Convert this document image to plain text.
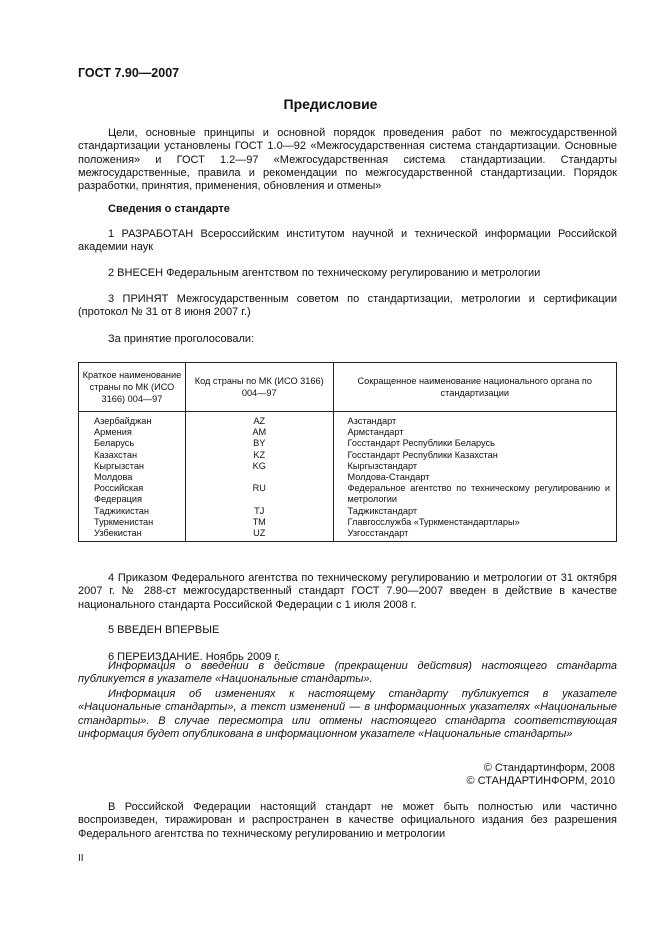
ГОСТ 7.90—2007
Предисловие
Цели, основные принципы и основной порядок проведения работ по межгосударственной стандартизации установлены ГОСТ 1.0—92 «Межгосударственная система стандартизации. Основные положения» и ГОСТ 1.2—97 «Межгосударственная система стандартизации. Стандарты межгосударственные, правила и рекомендации по межгосударственной стандартизации. Порядок разработки, принятия, применения, обновления и отмены»
Сведения о стандарте
1 РАЗРАБОТАН Всероссийским институтом научной и технической информации Российской академии наук
2 ВНЕСЕН Федеральным агентством по техническому регулированию и метрологии
3 ПРИНЯТ Межгосударственным советом по стандартизации, метрологии и сертификации (протокол № 31 от 8 июня 2007 г.)
За принятие проголосовали:
Краткое наименование страны по МК (ИСО 3166) 004—97	Код страны по МК (ИСО 3166) 004—97	Сокращенное наименование национального органа по стандартизации
Азербайджан	AZ	Азстандарт
Армения	AM	Армстандарт
Беларусь	BY	Госстандарт Республики Беларусь
Казахстан	KZ	Госстандарт Республики Казахстан
Кыргызстан	KG	Кыргызстандарт
Молдова		Молдова-Стандарт
Российская Федерация	RU	Федеральное агентство по техническому регулированию и метрологии
Таджикистан	TJ	Таджикстандарт
Туркменистан	TM	Главгосслужба «Туркменстандартлары»
Узбекистан	UZ	Узгосстандарт
4 Приказом Федерального агентства по техническому регулированию и метрологии от 31 октября 2007 г. № 288-ст межгосударственный стандарт ГОСТ 7.90—2007 введен в действие в качестве национального стандарта Российской Федерации с 1 июля 2008 г.
5 ВВЕДЕН ВПЕРВЫЕ
6 ПЕРЕИЗДАНИЕ. Ноябрь 2009 г.
Информация о введении в действие (прекращении действия) настоящего стандарта публикуется в указателе «Национальные стандарты».
Информация об изменениях к настоящему стандарту публикуется в указателе «Национальные стандарты», а текст изменений — в информационных указателях «Национальные стандарты». В случае пересмотра или отмены настоящего стандарта соответствующая информация будет опубликована в информационном указателе «Национальные стандарты»
© Стандартинформ, 2008
© СТАНДАРТИНФОРМ, 2010
В Российской Федерации настоящий стандарт не может быть полностью или частично воспроизведен, тиражирован и распространен в качестве официального издания без разрешения Федерального агентства по техническому регулированию и метрологии
II
